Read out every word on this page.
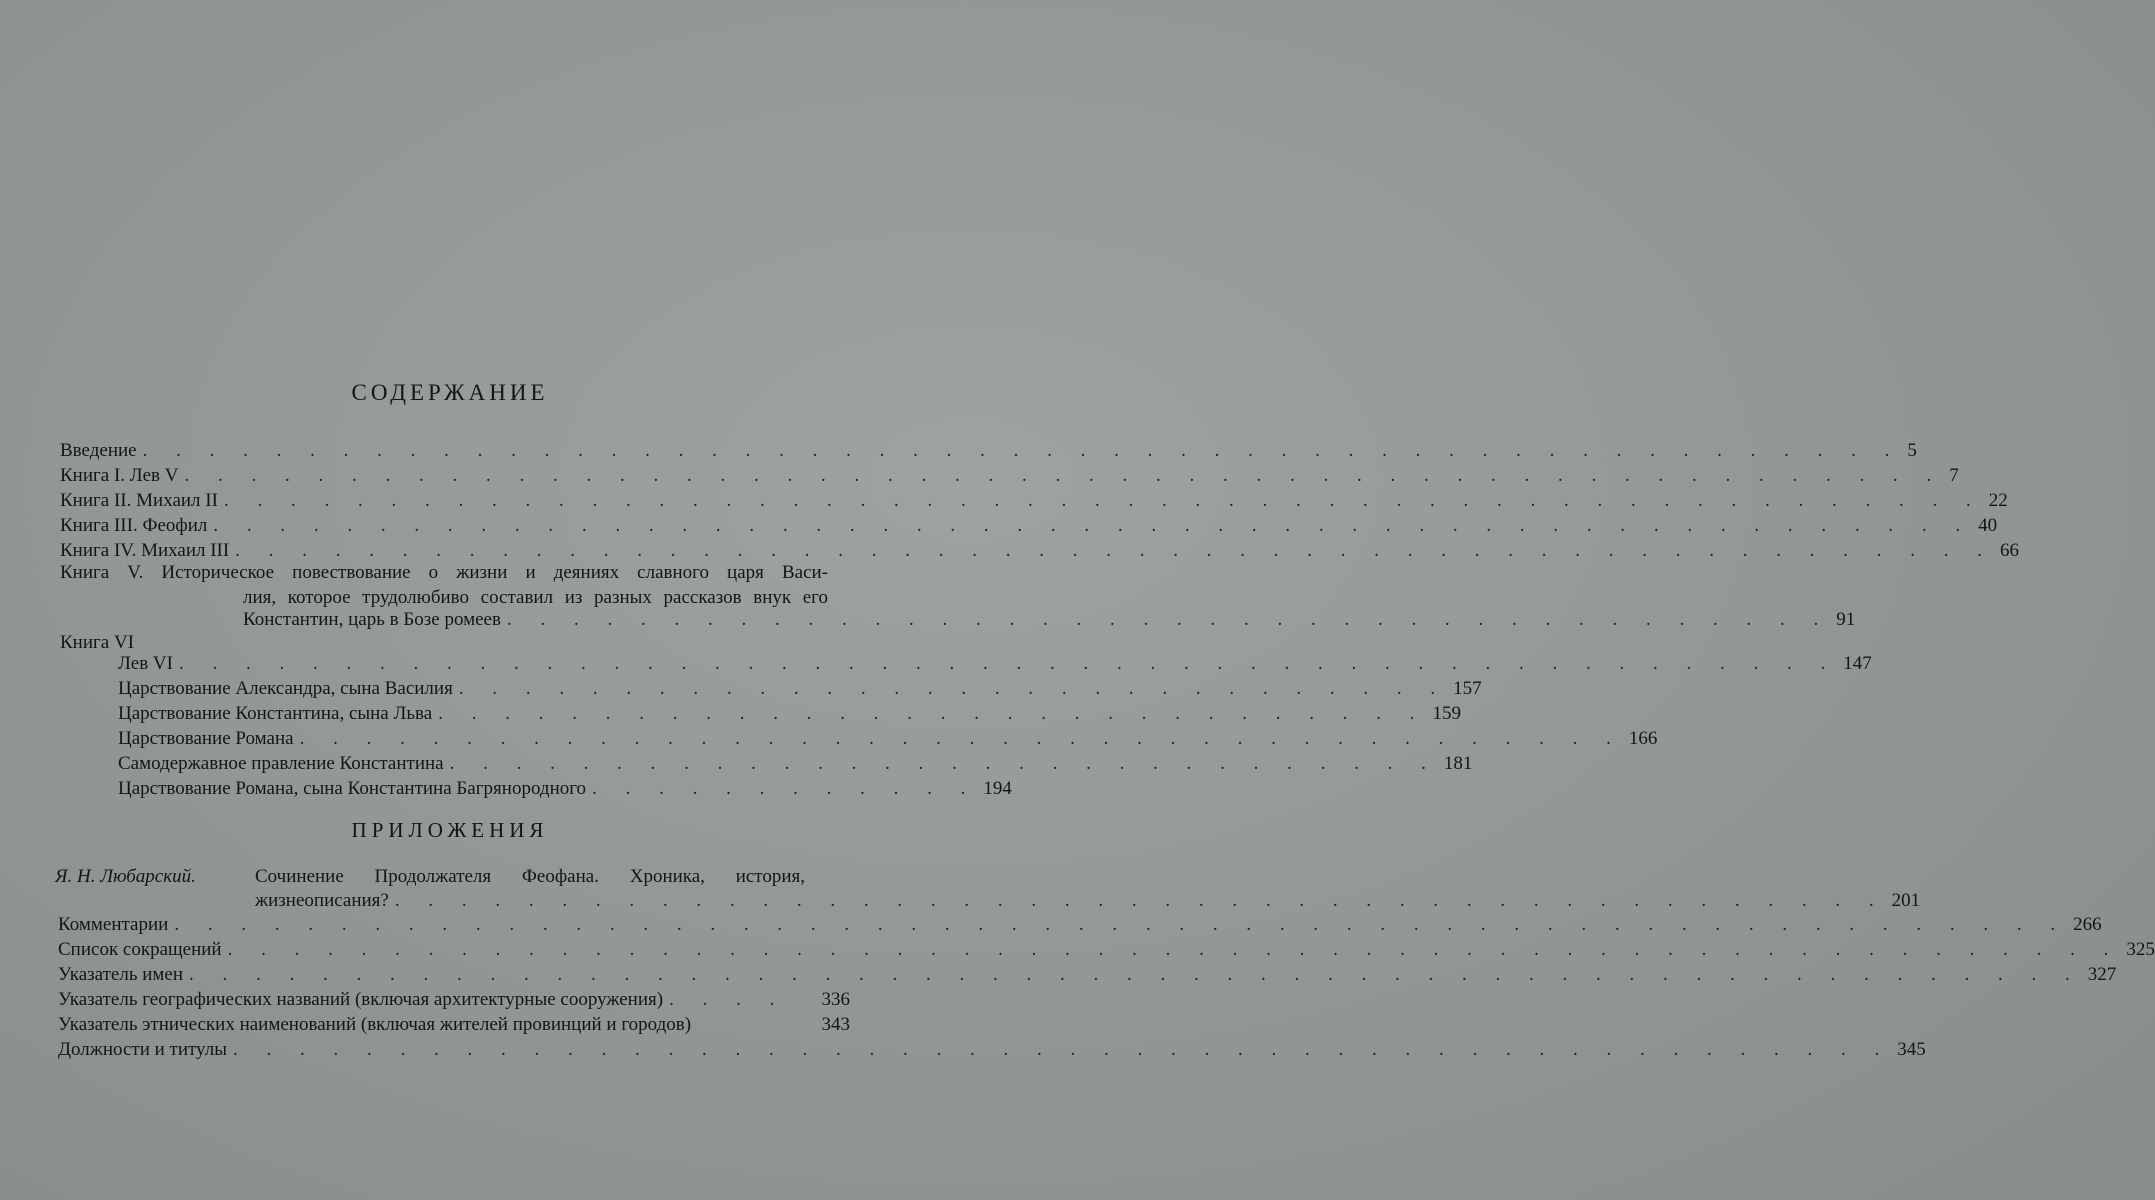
СОДЕРЖАНИЕ
Введение . . . . . . . . . . . . . . . . . . . . . . . . . . . . . . . . . . . . . . . . . . . . . . . . . . . . . 5
Книга I. Лев V . . . . . . . . . . . . . . . . . . . . . . . . . . . . . . . . . . . . . . . . . . . . . . . . . . . . . 7
Книга II. Михаил II . . . . . . . . . . . . . . . . . . . . . . . . . . . . . . . . . . . . . . . . . . . . . . . . . . . . . 22
Книга III. Феофил . . . . . . . . . . . . . . . . . . . . . . . . . . . . . . . . . . . . . . . . . . . . . . . . . . . . . 40
Книга IV. Михаил III . . . . . . . . . . . . . . . . . . . . . . . . . . . . . . . . . . . . . . . . . . . . . . . . . . . . . 66
Книга V. Историческое повествование о жизни и деяниях славного царя Васи-
лия, которое трудолюбиво составил из разных рассказов внук его
Константин, царь в Бозе ромеев . . . . . . . . . . . . . . . . . . . . . . . . . . . . . . . . . . . . . . . . 91
Книга VI
Лев VI . . . . . . . . . . . . . . . . . . . . . . . . . . . . . . . . . . . . . . . . . . . . . . . . . . 147
Царствование Александра, сына Василия . . . . . . . . . . . . . . . . . . . . . . . . . . . . . . 157
Царствование Константина, сына Льва . . . . . . . . . . . . . . . . . . . . . . . . . . . . . . 159
Царствование Романа . . . . . . . . . . . . . . . . . . . . . . . . . . . . . . . . . . . . . . . . 166
Самодержавное правление Константина . . . . . . . . . . . . . . . . . . . . . . . . . . . . . . 181
Царствование Романа, сына Константина Багрянородного . . . . . . . . . . . . 194
ПРИЛОЖЕНИЯ
Я. Н. Любарский.	Сочинение Продолжателя Феофана. Хроника, история,
жизнеописания? . . . . . . . . . . . . . . . . . . . . . . . . . . . . . . . . . . . . . . . . . . . . . 201
Комментарии . . . . . . . . . . . . . . . . . . . . . . . . . . . . . . . . . . . . . . . . . . . . . . . . . . . . . . . . . 266
Список сокращений . . . . . . . . . . . . . . . . . . . . . . . . . . . . . . . . . . . . . . . . . . . . . . . . . . . . . . . . . 325
Указатель имен . . . . . . . . . . . . . . . . . . . . . . . . . . . . . . . . . . . . . . . . . . . . . . . . . . . . . . . . . 327
Указатель географических названий (включая архитектурные сооружения) . . . .	336
Указатель этнических наименований (включая жителей провинций и городов)	343
Должности и титулы . . . . . . . . . . . . . . . . . . . . . . . . . . . . . . . . . . . . . . . . . . . . . . . . . . 345
